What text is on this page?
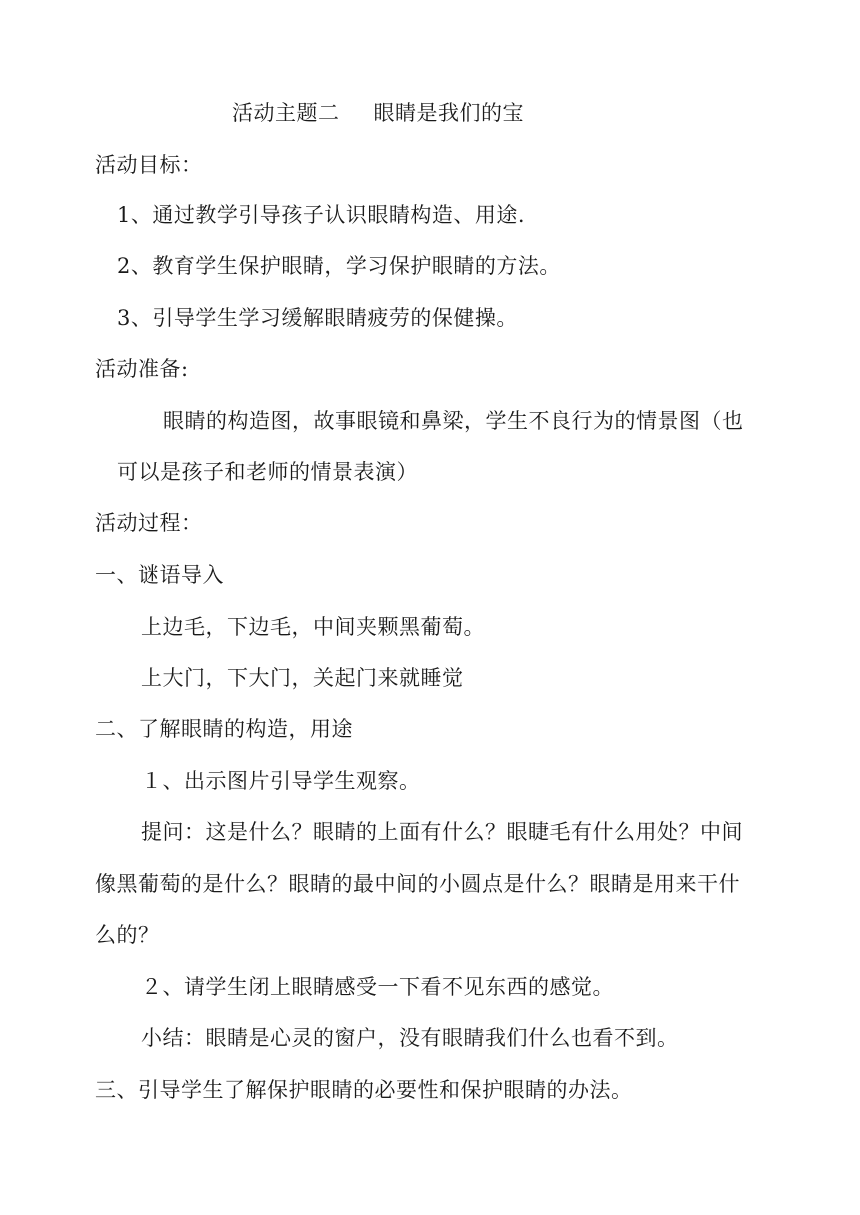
活动主题二 眼睛是我们的宝
活动目标：
1、通过教学引导孩子认识眼睛构造、用途.
2、教育学生保护眼睛，学习保护眼睛的方法。
3、引导学生学习缓解眼睛疲劳的保健操。
活动准备:
眼睛的构造图，故事眼镜和鼻梁，学生不良行为的情景图（也
可以是孩子和老师的情景表演）
活动过程：
一、谜语导入
上边毛，下边毛，中间夹颗黑葡萄。
上大门，下大门，关起门来就睡觉
二、了解眼睛的构造，用途
１、出示图片引导学生观察。
提问：这是什么？眼睛的上面有什么？眼睫毛有什么用处？中间
像黑葡萄的是什么？眼睛的最中间的小圆点是什么？眼睛是用来干什
么的？
２、请学生闭上眼睛感受一下看不见东西的感觉。
小结：眼睛是心灵的窗户，没有眼睛我们什么也看不到。
三、引导学生了解保护眼睛的必要性和保护眼睛的办法。
